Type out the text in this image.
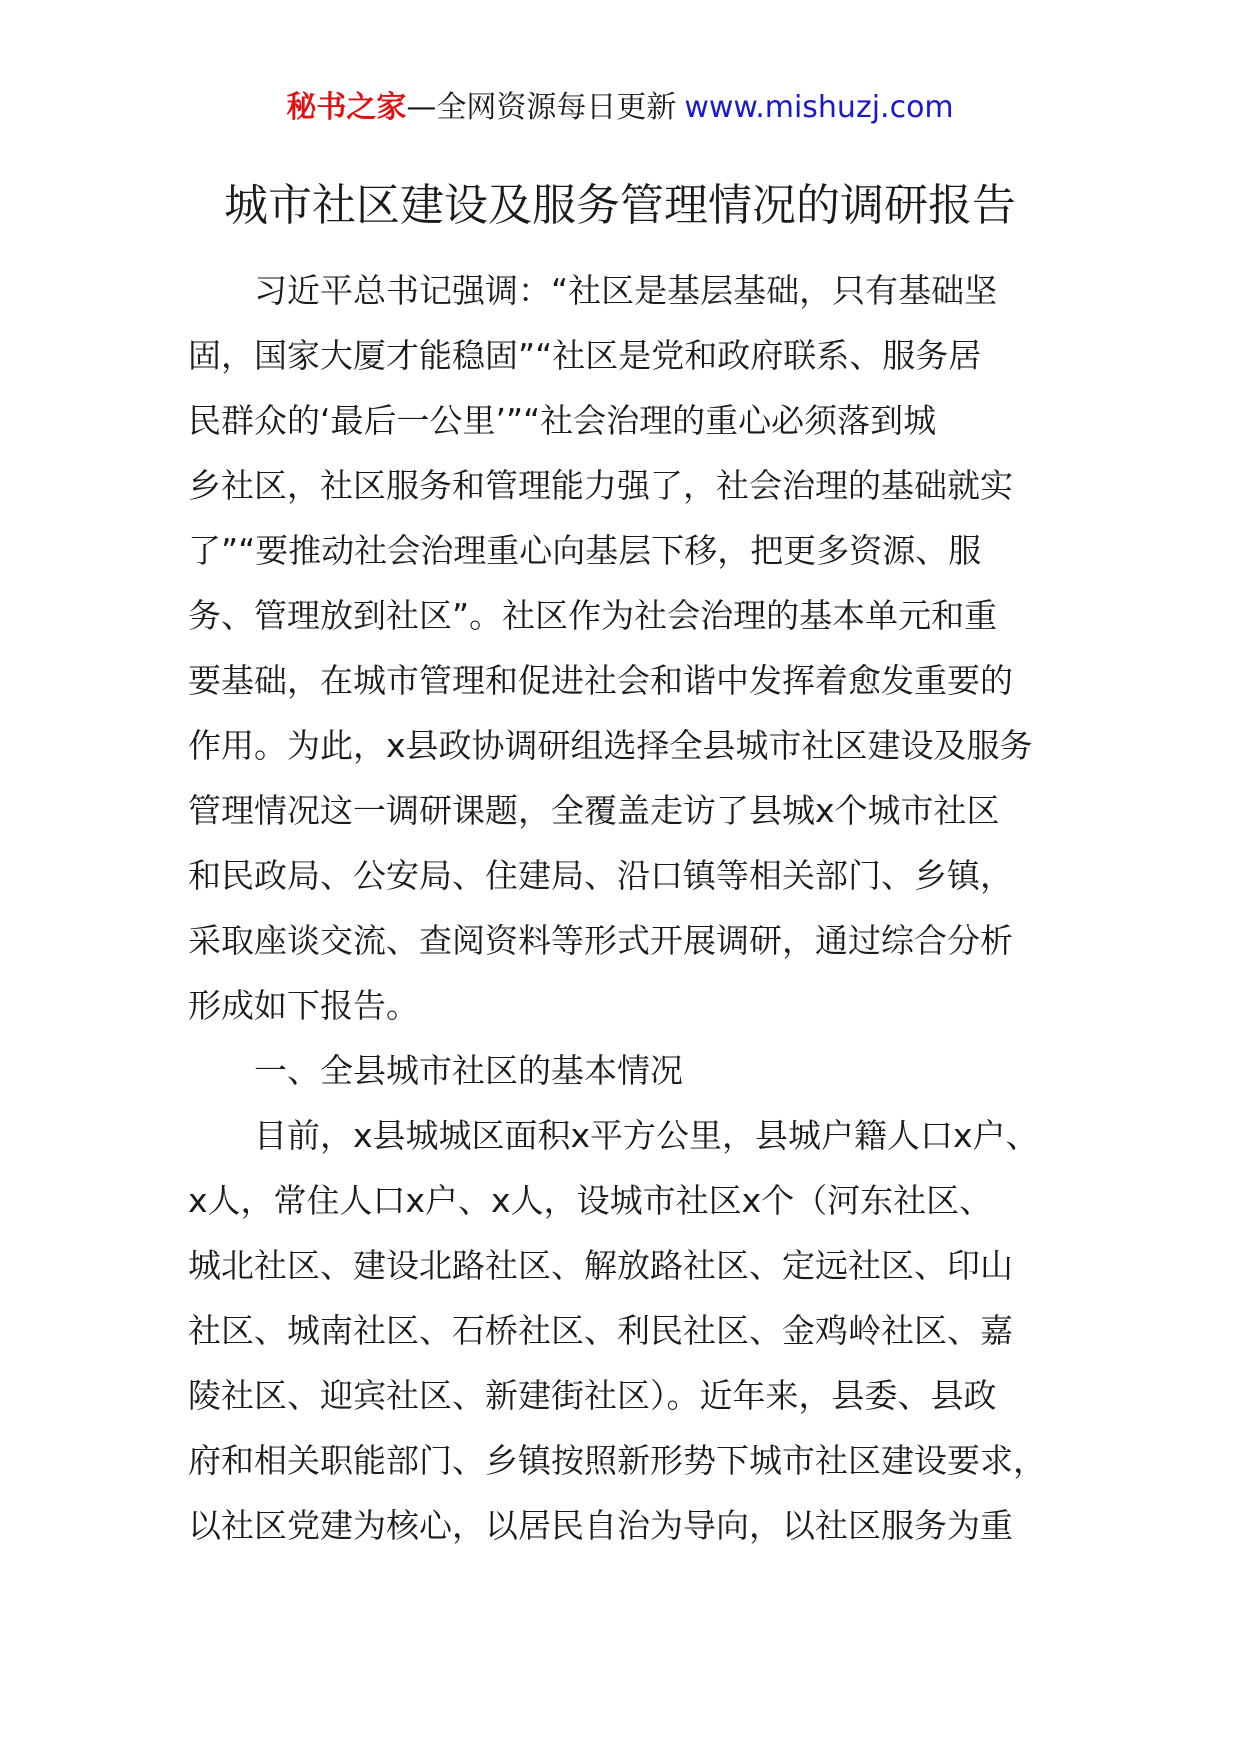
秘书之家—全网资源每日更新 www.mishuzj.com
城市社区建设及服务管理情况的调研报告
习近平总书记强调：“社区是基层基础，只有基础坚
固，国家大厦才能稳固”“社区是党和政府联系、服务居
民群众的‘最后一公里’”“社会治理的重心必须落到城
乡社区，社区服务和管理能力强了，社会治理的基础就实
了”“要推动社会治理重心向基层下移，把更多资源、服
务、管理放到社区”。社区作为社会治理的基本单元和重
要基础，在城市管理和促进社会和谐中发挥着愈发重要的
作用。为此，x县政协调研组选择全县城市社区建设及服务
管理情况这一调研课题，全覆盖走访了县城x个城市社区
和民政局、公安局、住建局、沿口镇等相关部门、乡镇，
采取座谈交流、查阅资料等形式开展调研，通过综合分析
形成如下报告。
一、全县城市社区的基本情况
目前，x县城城区面积x平方公里，县城户籍人口x户、
x人，常住人口x户、x人，设城市社区x个（河东社区、
城北社区、建设北路社区、解放路社区、定远社区、印山
社区、城南社区、石桥社区、利民社区、金鸡岭社区、嘉
陵社区、迎宾社区、新建街社区）。近年来，县委、县政
府和相关职能部门、乡镇按照新形势下城市社区建设要求，
以社区党建为核心，以居民自治为导向，以社区服务为重
